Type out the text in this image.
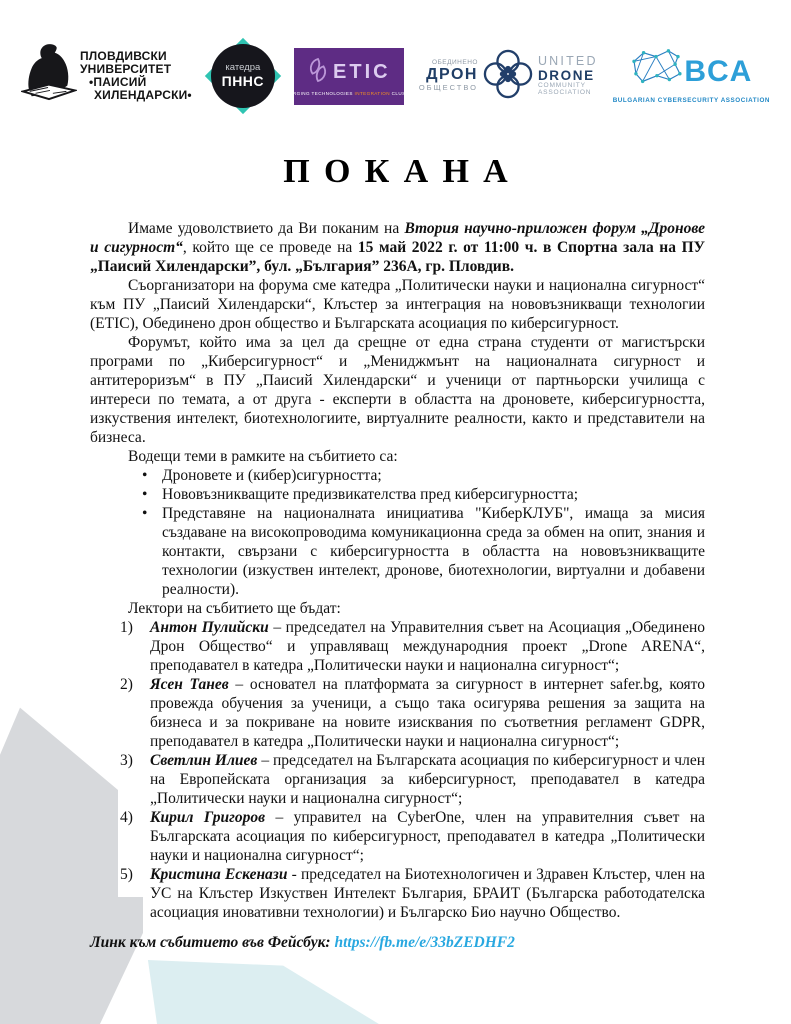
ПЛОВДИВСКИ
УНИВЕРСИТЕТ
•ПАИСИЙ
ХИЛЕНДАРСКИ•
катедра
ПННС	ETIC
EMERGING TECHNOLOGIES INTEGRATION CLUSTER
ОБЕДИНЕНО
ДРОН
ОБЩЕСТВО
UNITED
DRONE
COMMUNITY
ASSOCIATION
BCA
BULGARIAN CYBERSECURITY ASSOCIATION
ПОКАНА

Имаме удоволствието да Ви поканим на Втория научно-приложен форум „Дронове и сигурност“, който ще се проведе на 15 май 2022 г. от 11:00 ч. в Спортна зала на ПУ „Паисий Хилендарски”, бул. „България” 236А, гр. Пловдив.

Съорганизатори на форума сме катедра „Политически науки и национална сигурност“ към ПУ „Паисий Хилендарски“, Клъстер за интеграция на нововъзникващи технологии (ETIC), Обединено дрон общество и Българската асоциация по киберсигурност.

Форумът, който има за цел да срещне от една страна студенти от магистърски програми по „Киберсигурност“ и „Мениджмънт на националната сигурност и антитероризъм“ в ПУ „Паисий Хилендарски“ и ученици от партньорски училища с интереси по темата, а от друга - експерти в областта на дроновете, киберсигурността, изкуствения интелект, биотехнологиите, виртуалните реалности, както и представители на бизнеса.

Водещи теми в рамките на събитието са:

• Дроновете и (кибер)сигурността;
• Нововъзникващите предизвикателства пред киберсигурността;
• Представяне на националната инициатива "КиберКЛУБ", имаща за мисия създаване на високопроводима комуникационна среда за обмен на опит, знания и контакти, свързани с киберсигурността в областта на нововъзникващите технологии (изкуствен интелект, дронове, биотехнологии, виртуални и добавени реалности).

Лектори на събитието ще бъдат:

1) Антон Пулийски – председател на Управителния съвет на Асоциация „Обединено Дрон Общество“ и управляващ международния проект „Drone ARENA“, преподавател в катедра „Политически науки и национална сигурност“;
2) Ясен Танев – основател на платформата за сигурност в интернет safer.bg, която провежда обучения за ученици, а също така осигурява решения за защита на бизнеса и за покриване на новите изисквания по съответния регламент GDPR, преподавател в катедра „Политически науки и национална сигурност“;
3) Светлин Илиев – председател на Българската асоциация по киберсигурност и член на Европейската организация за киберсигурност, преподавател в катедра „Политически науки и национална сигурност“;
4) Кирил Григоров – управител на CyberOne, член на управителния съвет на Българската асоциация по киберсигурност, преподавател в катедра „Политически науки и национална сигурност“;
5) Кристина Ескенази - председател на Биотехнологичен и Здравен Клъстер, член на УС на Клъстер Изкуствен Интелект България, БРАИТ (Българска работодателска асоциация иновативни технологии) и Българско Био научно Общество.
Линк към събитието във Фейсбук: https://fb.me/e/33bZEDHF2
